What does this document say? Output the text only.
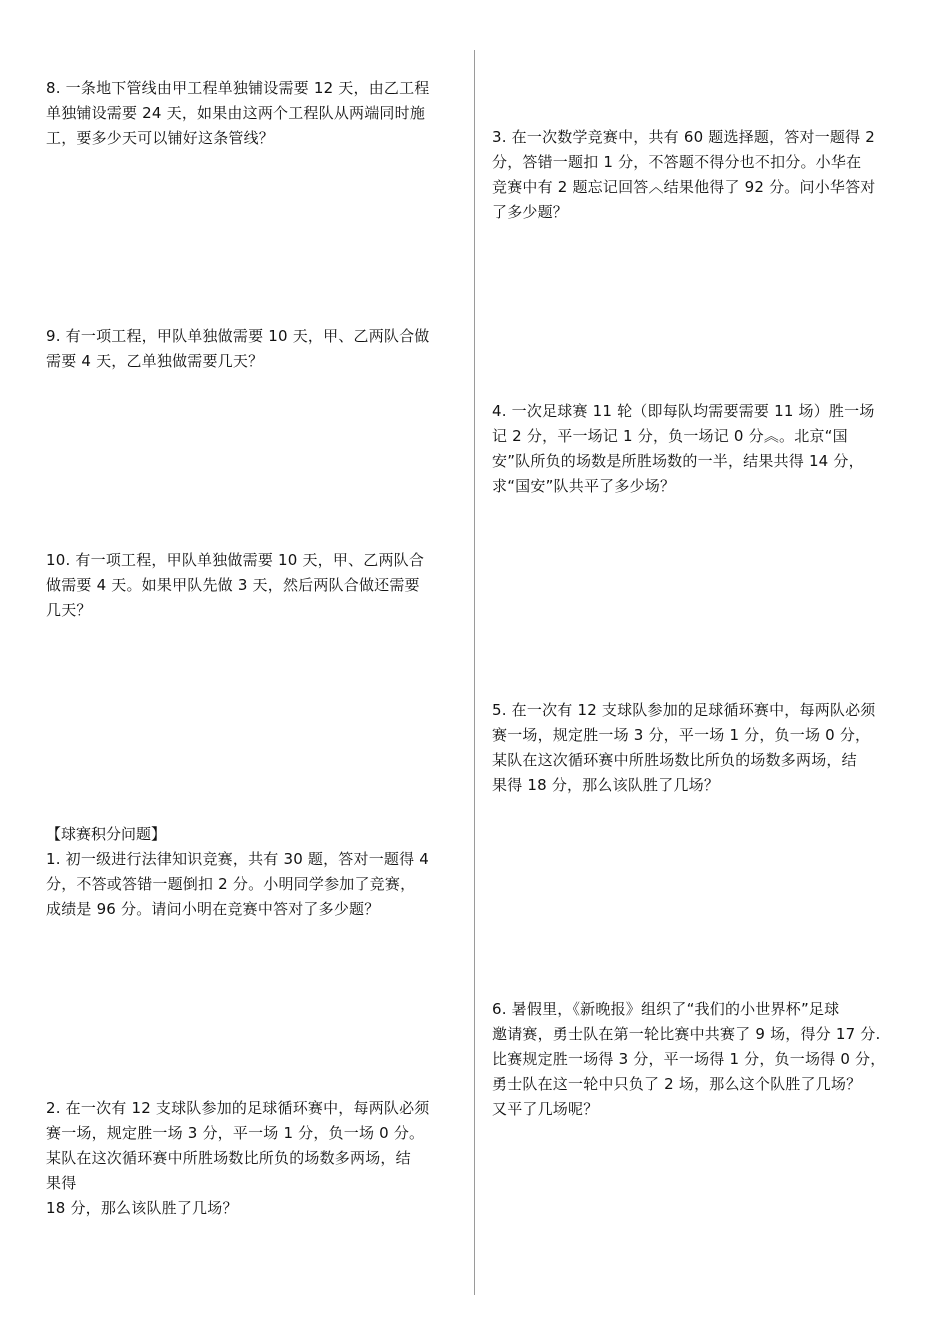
8. 一条地下管线由甲工程单独铺设需要 12 天，由乙工程
单独铺设需要 24 天，如果由这两个工程队从两端同时施
工，要多少天可以铺好这条管线？

9. 有一项工程，甲队单独做需要 10 天，甲、乙两队合做
需要 4 天，乙单独做需要几天？

10. 有一项工程，甲队单独做需要 10 天，甲、乙两队合
做需要 4 天。如果甲队先做 3 天，然后两队合做还需要
几天？

【球赛积分问题】

1. 初一级进行法律知识竞赛，共有 30 题，答对一题得 4
分，不答或答错一题倒扣 2 分。小明同学参加了竞赛，
成绩是 96 分。请问小明在竞赛中答对了多少题？

2. 在一次有 12 支球队参加的足球循环赛中，每两队必须
赛一场，规定胜一场 3 分，平一场 1 分，负一场 0 分。
某队在这次循环赛中所胜场数比所负的场数多两场，结
果得
18 分，那么该队胜了几场？

3. 在一次数学竞赛中，共有 60 题选择题，答对一题得 2
分，答错一题扣 1 分，不答题不得分也不扣分。小华在
竞赛中有 2 题忘记回答︿结果他得了 92 分。问小华答对
了多少题？

4. 一次足球赛 11 轮（即每队均需要需要 11 场）胜一场
记 2 分，平一场记 1 分，负一场记 0 分︽。北京“国
安”队所负的场数是所胜场数的一半，结果共得 14 分，
求“国安”队共平了多少场？

5. 在一次有 12 支球队参加的足球循环赛中，每两队必须
赛一场，规定胜一场 3 分，平一场 1 分，负一场 0 分，
某队在这次循环赛中所胜场数比所负的场数多两场，结
果得 18 分，那么该队胜了几场？

6. 暑假里，《新晚报》组织了“我们的小世界杯”足球
邀请赛，勇士队在第一轮比赛中共赛了 9 场，得分 17 分.
比赛规定胜一场得 3 分，平一场得 1 分，负一场得 0 分，
勇士队在这一轮中只负了 2 场，那么这个队胜了几场？
又平了几场呢？
